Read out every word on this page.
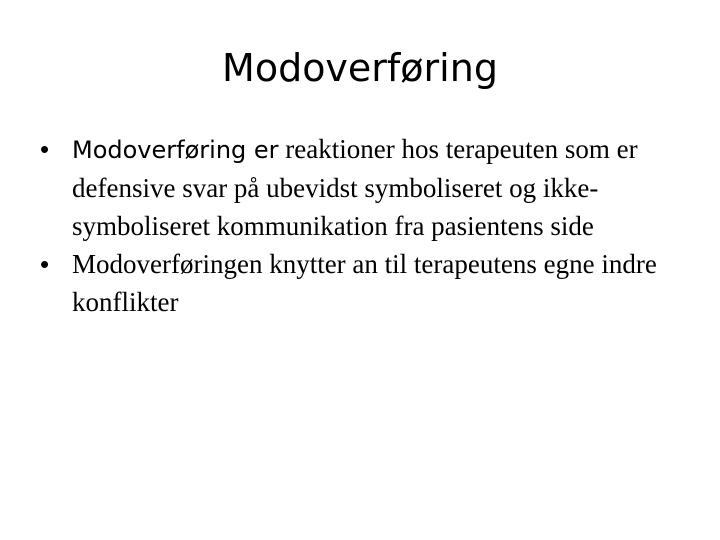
Modoverføring
• Modoverføring er reaktioner hos terapeuten som er defensive svar på ubevidst symboliseret og ikke-symboliseret kommunikation fra pasientens side
• Modoverføringen knytter an til terapeutens egne indre konflikter
